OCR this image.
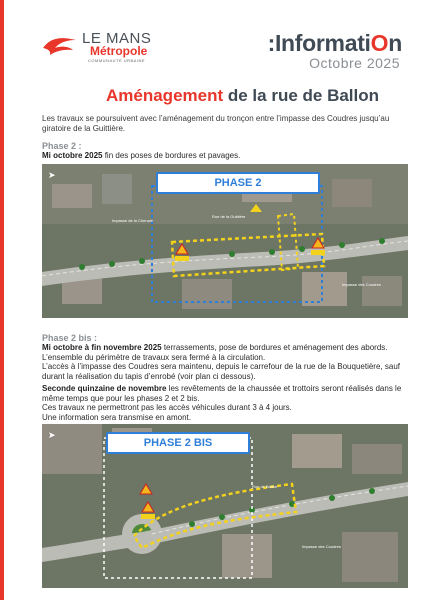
LE MANS
Métropole
COMMUNAUTÉ URBAINE
:InformatiOn
Octobre 2025
Aménagement de la rue de Ballon
Les travaux se poursuivent avec l’aménagement du tronçon entre l’impasse des Coudres jusqu’au giratoire de la Guittière.
Phase 2 :
Mi octobre 2025 fin des poses de bordures et pavages.
➤
PHASE 2
Impasse de la Chenaie
Rue de la Guittière
Impasse des Coudres
Phase 2 bis :
Mi octobre à fin novembre 2025 terrassements, pose de bordures et aménagement des abords.
L’ensemble du périmètre de travaux sera fermé à la circulation.
L’accès à l’impasse des Coudres sera maintenu, depuis le carrefour de la rue de la Bouquetière, sauf durant la réalisation du tapis d’enrobé (voir plan ci dessous).
Seconde quinzaine de novembre les revêtements de la chaussée et trottoirs seront réalisés dans le même temps que pour les phases 2 et 2 bis.
Ces travaux ne permettront pas les accès véhicules durant 3 à 4 jours.
Une information sera transmise en amont.
➤
PHASE 2 BIS
Rue de Ballon
Impasse des Coudres
